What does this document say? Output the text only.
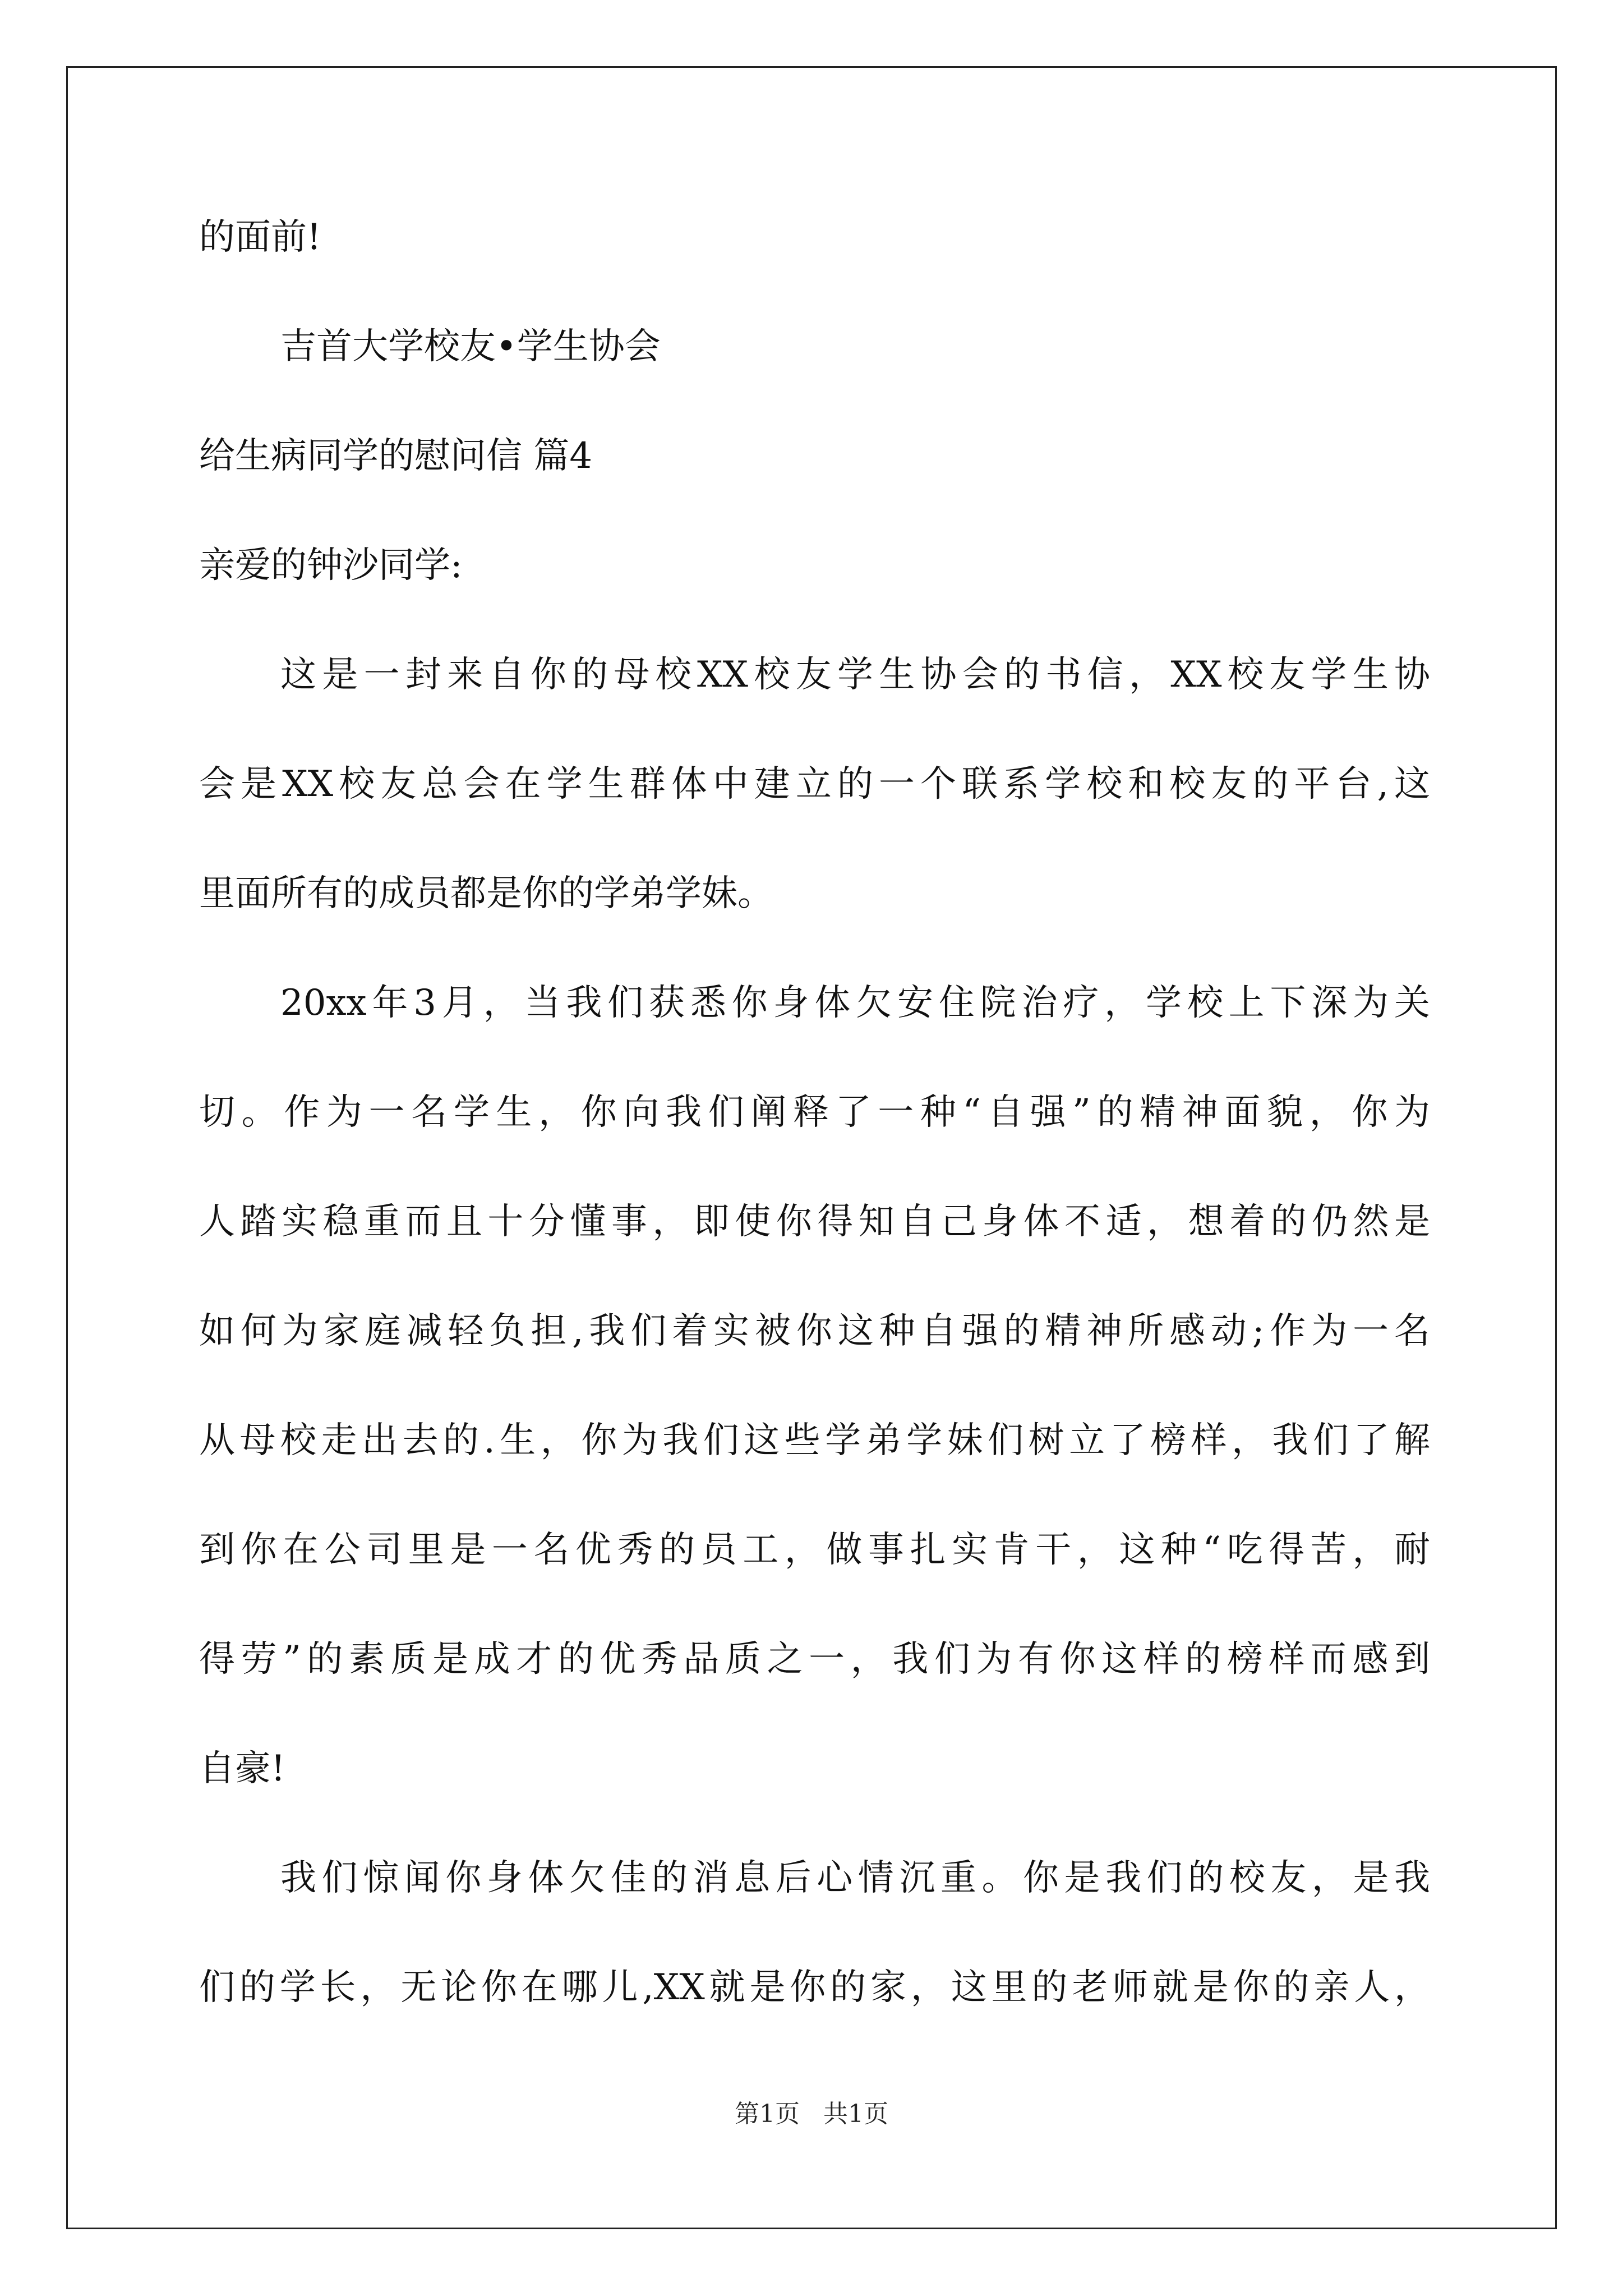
的面前!
吉首大学校友•学生协会
给生病同学的慰问信 篇4
亲爱的钟沙同学:
这是一封来自你的母校XX校友学生协会的书信，XX校友学生协
会是XX校友总会在学生群体中建立的一个联系学校和校友的平台,这
里面所有的成员都是你的学弟学妹。
20xx年3月，当我们获悉你身体欠安住院治疗，学校上下深为关
切。作为一名学生，你向我们阐释了一种“自强”的精神面貌，你为
人踏实稳重而且十分懂事，即使你得知自己身体不适，想着的仍然是
如何为家庭减轻负担,我们着实被你这种自强的精神所感动;作为一名
从母校走出去的.生，你为我们这些学弟学妹们树立了榜样，我们了解
到你在公司里是一名优秀的员工，做事扎实肯干，这种“吃得苦，耐
得劳”的素质是成才的优秀品质之一，我们为有你这样的榜样而感到
自豪!
我们惊闻你身体欠佳的消息后心情沉重。你是我们的校友，是我
们的学长，无论你在哪儿,XX就是你的家，这里的老师就是你的亲人，
第1页   共1页
